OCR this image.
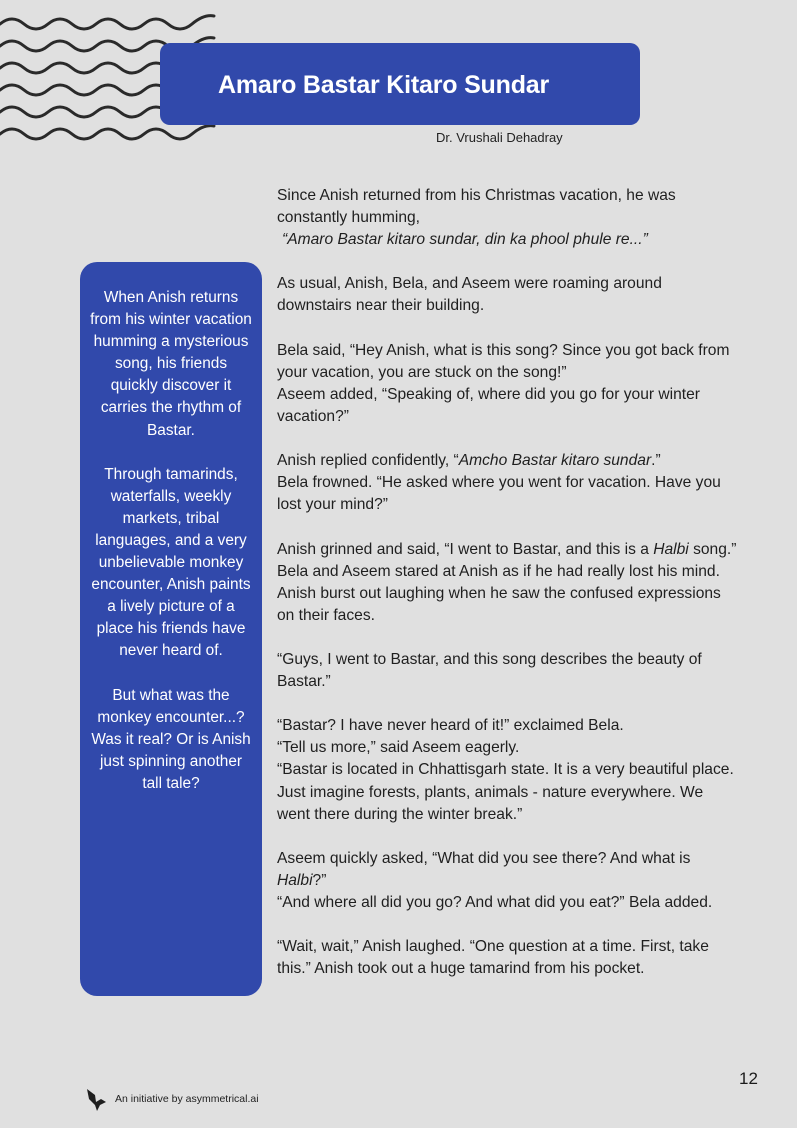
Amaro Bastar Kitaro Sundar
Dr. Vrushali Dehadray

When Anish returns from his winter vacation humming a mysterious song, his friends quickly discover it carries the rhythm of Bastar.

Through tamarinds, waterfalls, weekly markets, tribal languages, and a very unbelievable monkey encounter, Anish paints a lively picture of a place his friends have never heard of.

But what was the monkey encounter...? Was it real? Or is Anish just spinning another tall tale?

Since Anish returned from his Christmas vacation, he was constantly humming,
“Amaro Bastar kitaro sundar, din ka phool phule re...”

As usual, Anish, Bela, and Aseem were roaming around downstairs near their building.

Bela said, “Hey Anish, what is this song? Since you got back from your vacation, you are stuck on the song!”
Aseem added, “Speaking of, where did you go for your winter vacation?”

Anish replied confidently, “Amcho Bastar kitaro sundar.”
Bela frowned. “He asked where you went for vacation. Have you lost your mind?”

Anish grinned and said, “I went to Bastar, and this is a Halbi song.” Bela and Aseem stared at Anish as if he had really lost his mind. Anish burst out laughing when he saw the confused expressions on their faces.

“Guys, I went to Bastar, and this song describes the beauty of Bastar.”

“Bastar? I have never heard of it!” exclaimed Bela.
“Tell us more,” said Aseem eagerly.
“Bastar is located in Chhattisgarh state. It is a very beautiful place. Just imagine forests, plants, animals - nature everywhere. We went there during the winter break.”

Aseem quickly asked, “What did you see there? And what is Halbi?”
“And where all did you go? And what did you eat?” Bela added.

“Wait, wait,” Anish laughed. “One question at a time. First, take this.” Anish took out a huge tamarind from his pocket.

12
An initiative by asymmetrical.ai
